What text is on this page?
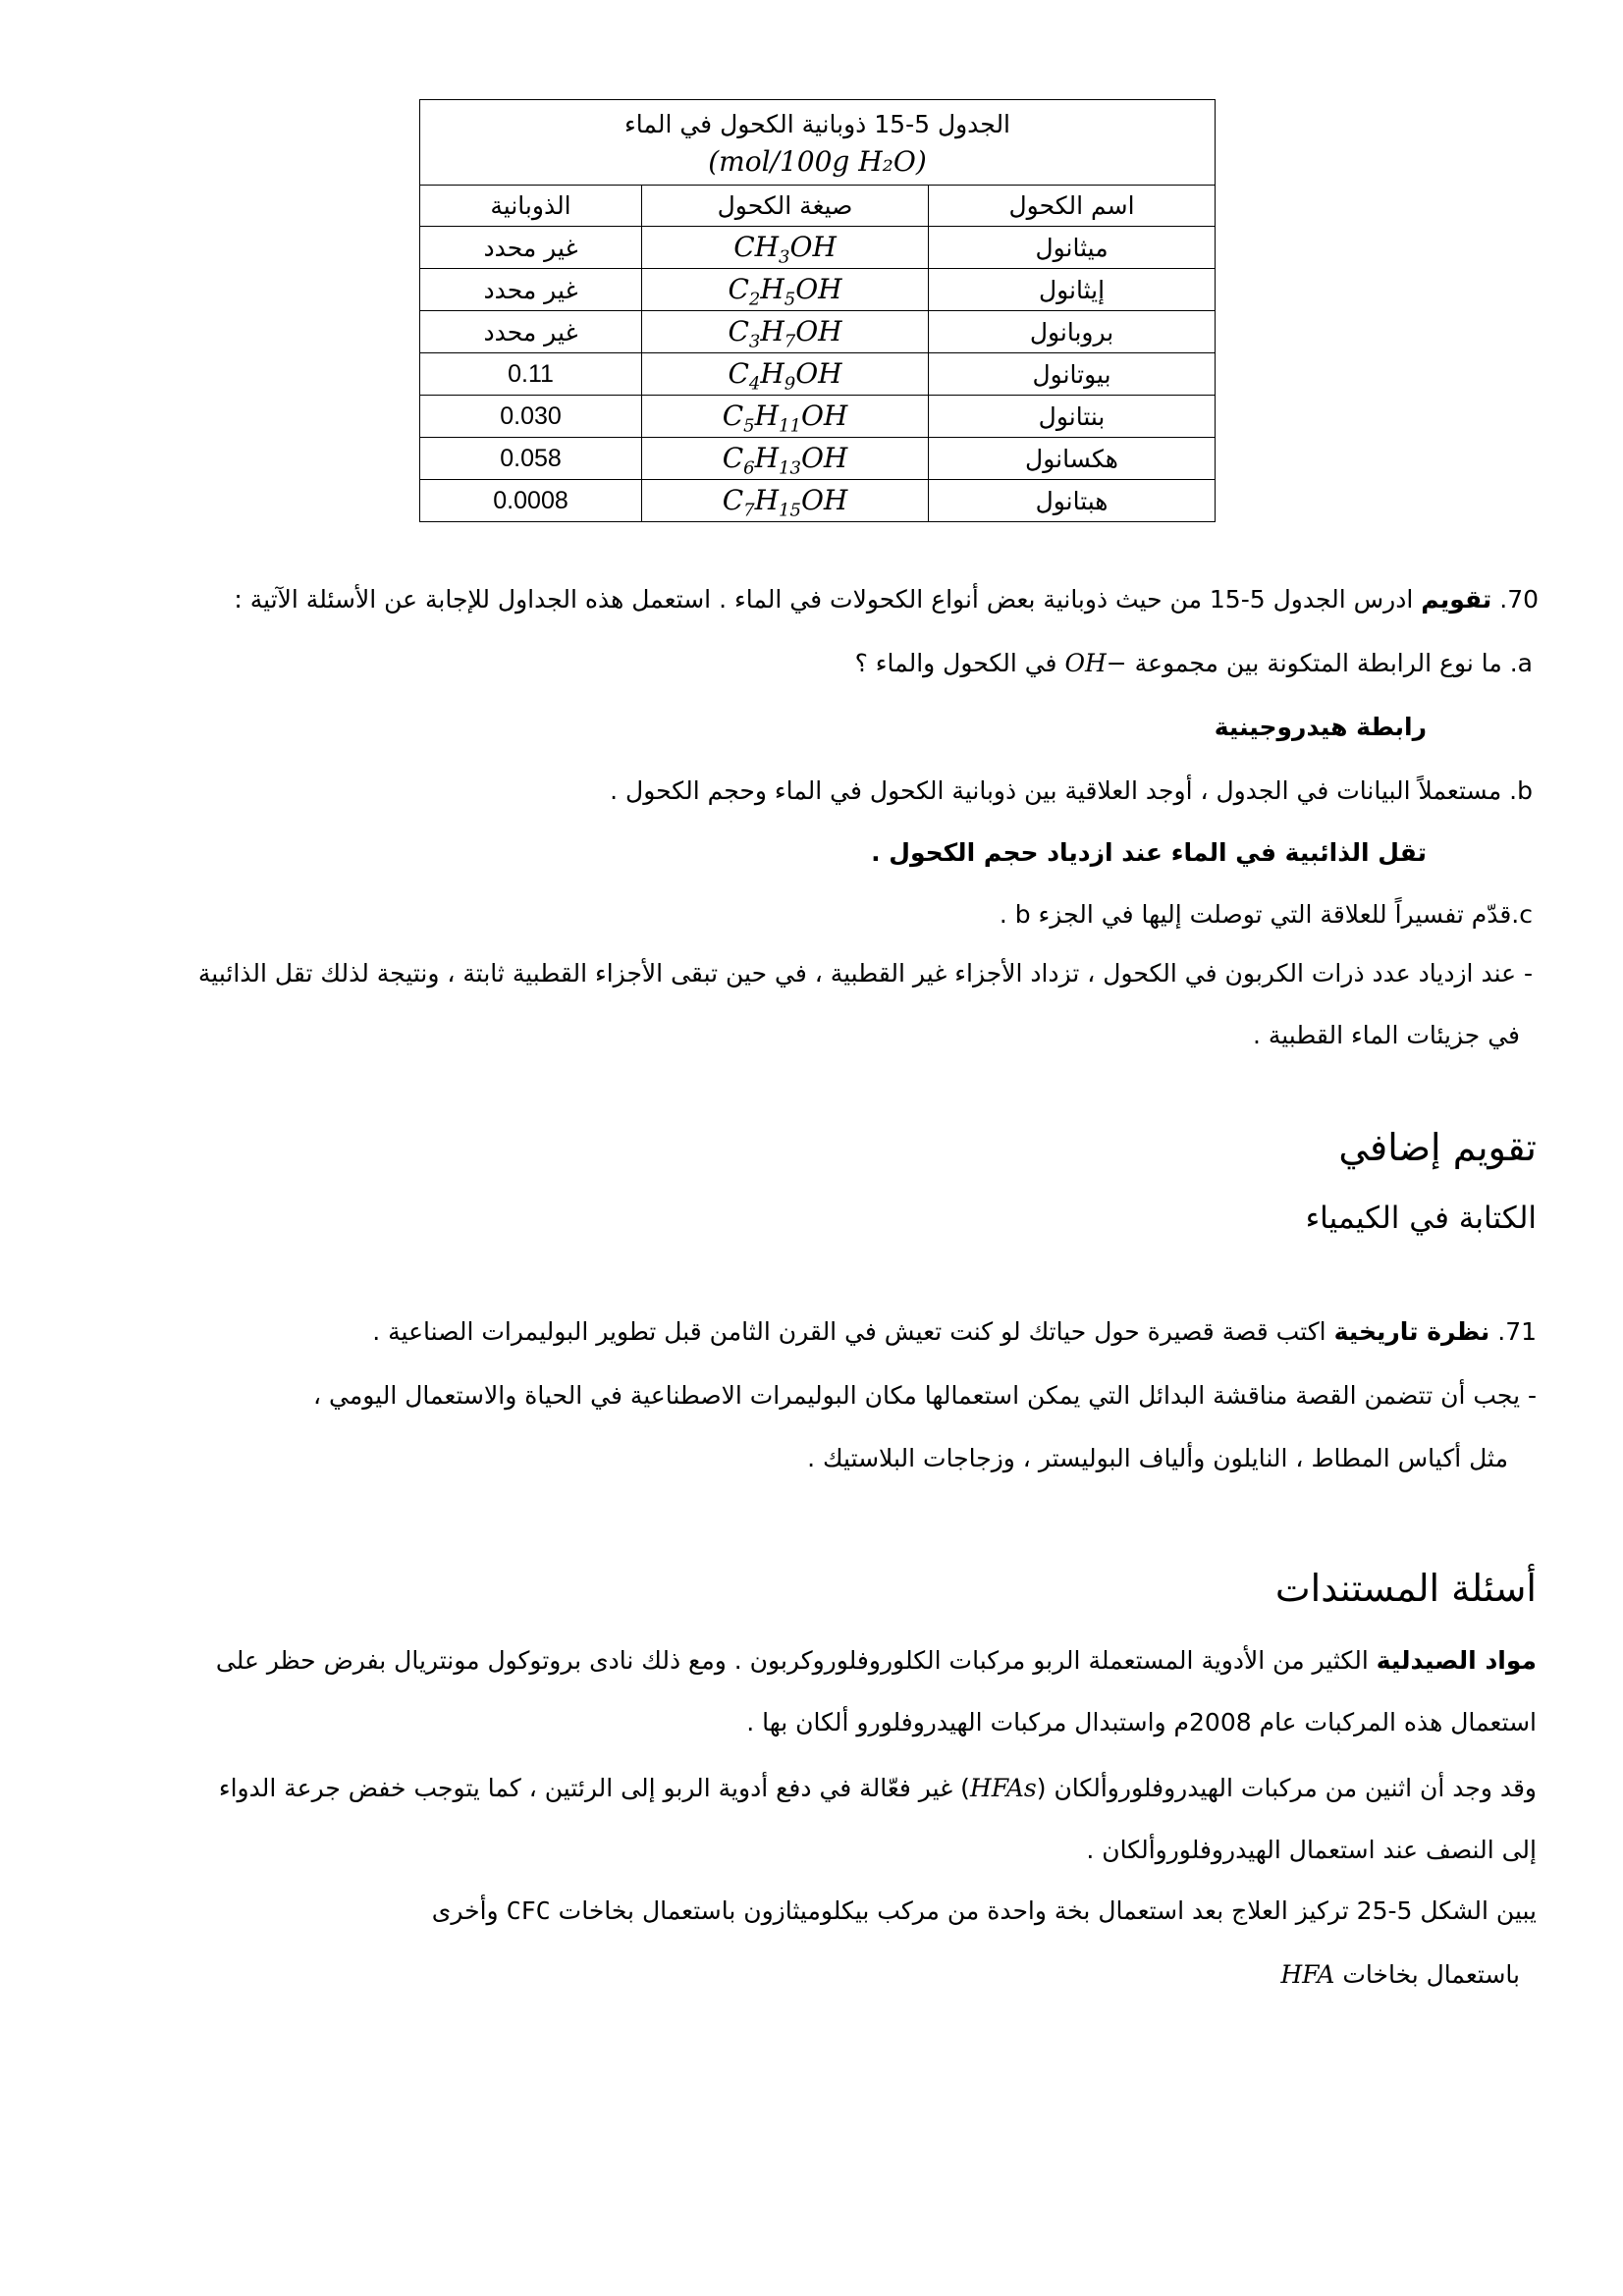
الجدول 5-15 ذوبانية الكحول في الماء
(mol/100g H₂O)		

اسم الكحول	صيغة الكحول	الذوبانية
ميثانول	$CH_3OH$	غير محدد
إيثانول	$C_2H_5OH$	غير محدد
بروبانول	$C_3H_7OH$	غير محدد
بيوتانول	$C_4H_9OH$	0.11
بنتانول	$C_5H_{11}OH$	0.030
هكسانول	$C_6H_{13}OH$	0.058
هبتانول	$C_7H_{15}OH$	0.0008
70. تقويم ادرس الجدول 5-15 من حيث ذوبانية بعض أنواع الكحولات في الماء . استعمل هذه الجداول للإجابة عن الأسئلة الآتية :
a. ما نوع الرابطة المتكونة بين مجموعة OH− في الكحول والماء ؟
رابطة هيدروجينية
b. مستعملاً البيانات في الجدول ، أوجد العلاقية بين ذوبانية الكحول في الماء وحجم الكحول .
تقل الذائبية في الماء عند ازدياد حجم الكحول .
c.قدّم تفسيراً للعلاقة التي توصلت إليها في الجزء b .
- عند ازدياد عدد ذرات الكربون في الكحول ، تزداد الأجزاء غير القطبية ، في حين تبقى الأجزاء القطبية ثابتة ، ونتيجة لذلك تقل الذائبية
في جزيئات الماء القطبية .
تقويم إضافي
الكتابة في الكيمياء
71. نظرة تاريخية اكتب قصة قصيرة حول حياتك لو كنت تعيش في القرن الثامن قبل تطوير البوليمرات الصناعية .
- يجب أن تتضمن القصة مناقشة البدائل التي يمكن استعمالها مكان البوليمرات الاصطناعية في الحياة والاستعمال اليومي ،
مثل أكياس المطاط ، النايلون وألياف البوليستر ، وزجاجات البلاستيك .
أسئلة المستندات
مواد الصيدلية الكثير من الأدوية المستعملة الربو مركبات الكلوروفلوروكربون . ومع ذلك نادى بروتوكول مونتريال بفرض حظر على
استعمال هذه المركبات عام 2008م واستبدال مركبات الهيدروفلورو ألكان بها .
وقد وجد أن اثنين من مركبات الهيدروفلوروألكان (HFAs) غير فعّالة في دفع أدوية الربو إلى الرئتين ، كما يتوجب خفض جرعة الدواء
إلى النصف عند استعمال الهيدروفلوروألكان .
يبين الشكل 5-25 تركيز العلاج بعد استعمال بخة واحدة من مركب بيكلوميثازون باستعمال بخاخات CFC وأخرى
باستعمال بخاخات HFA
